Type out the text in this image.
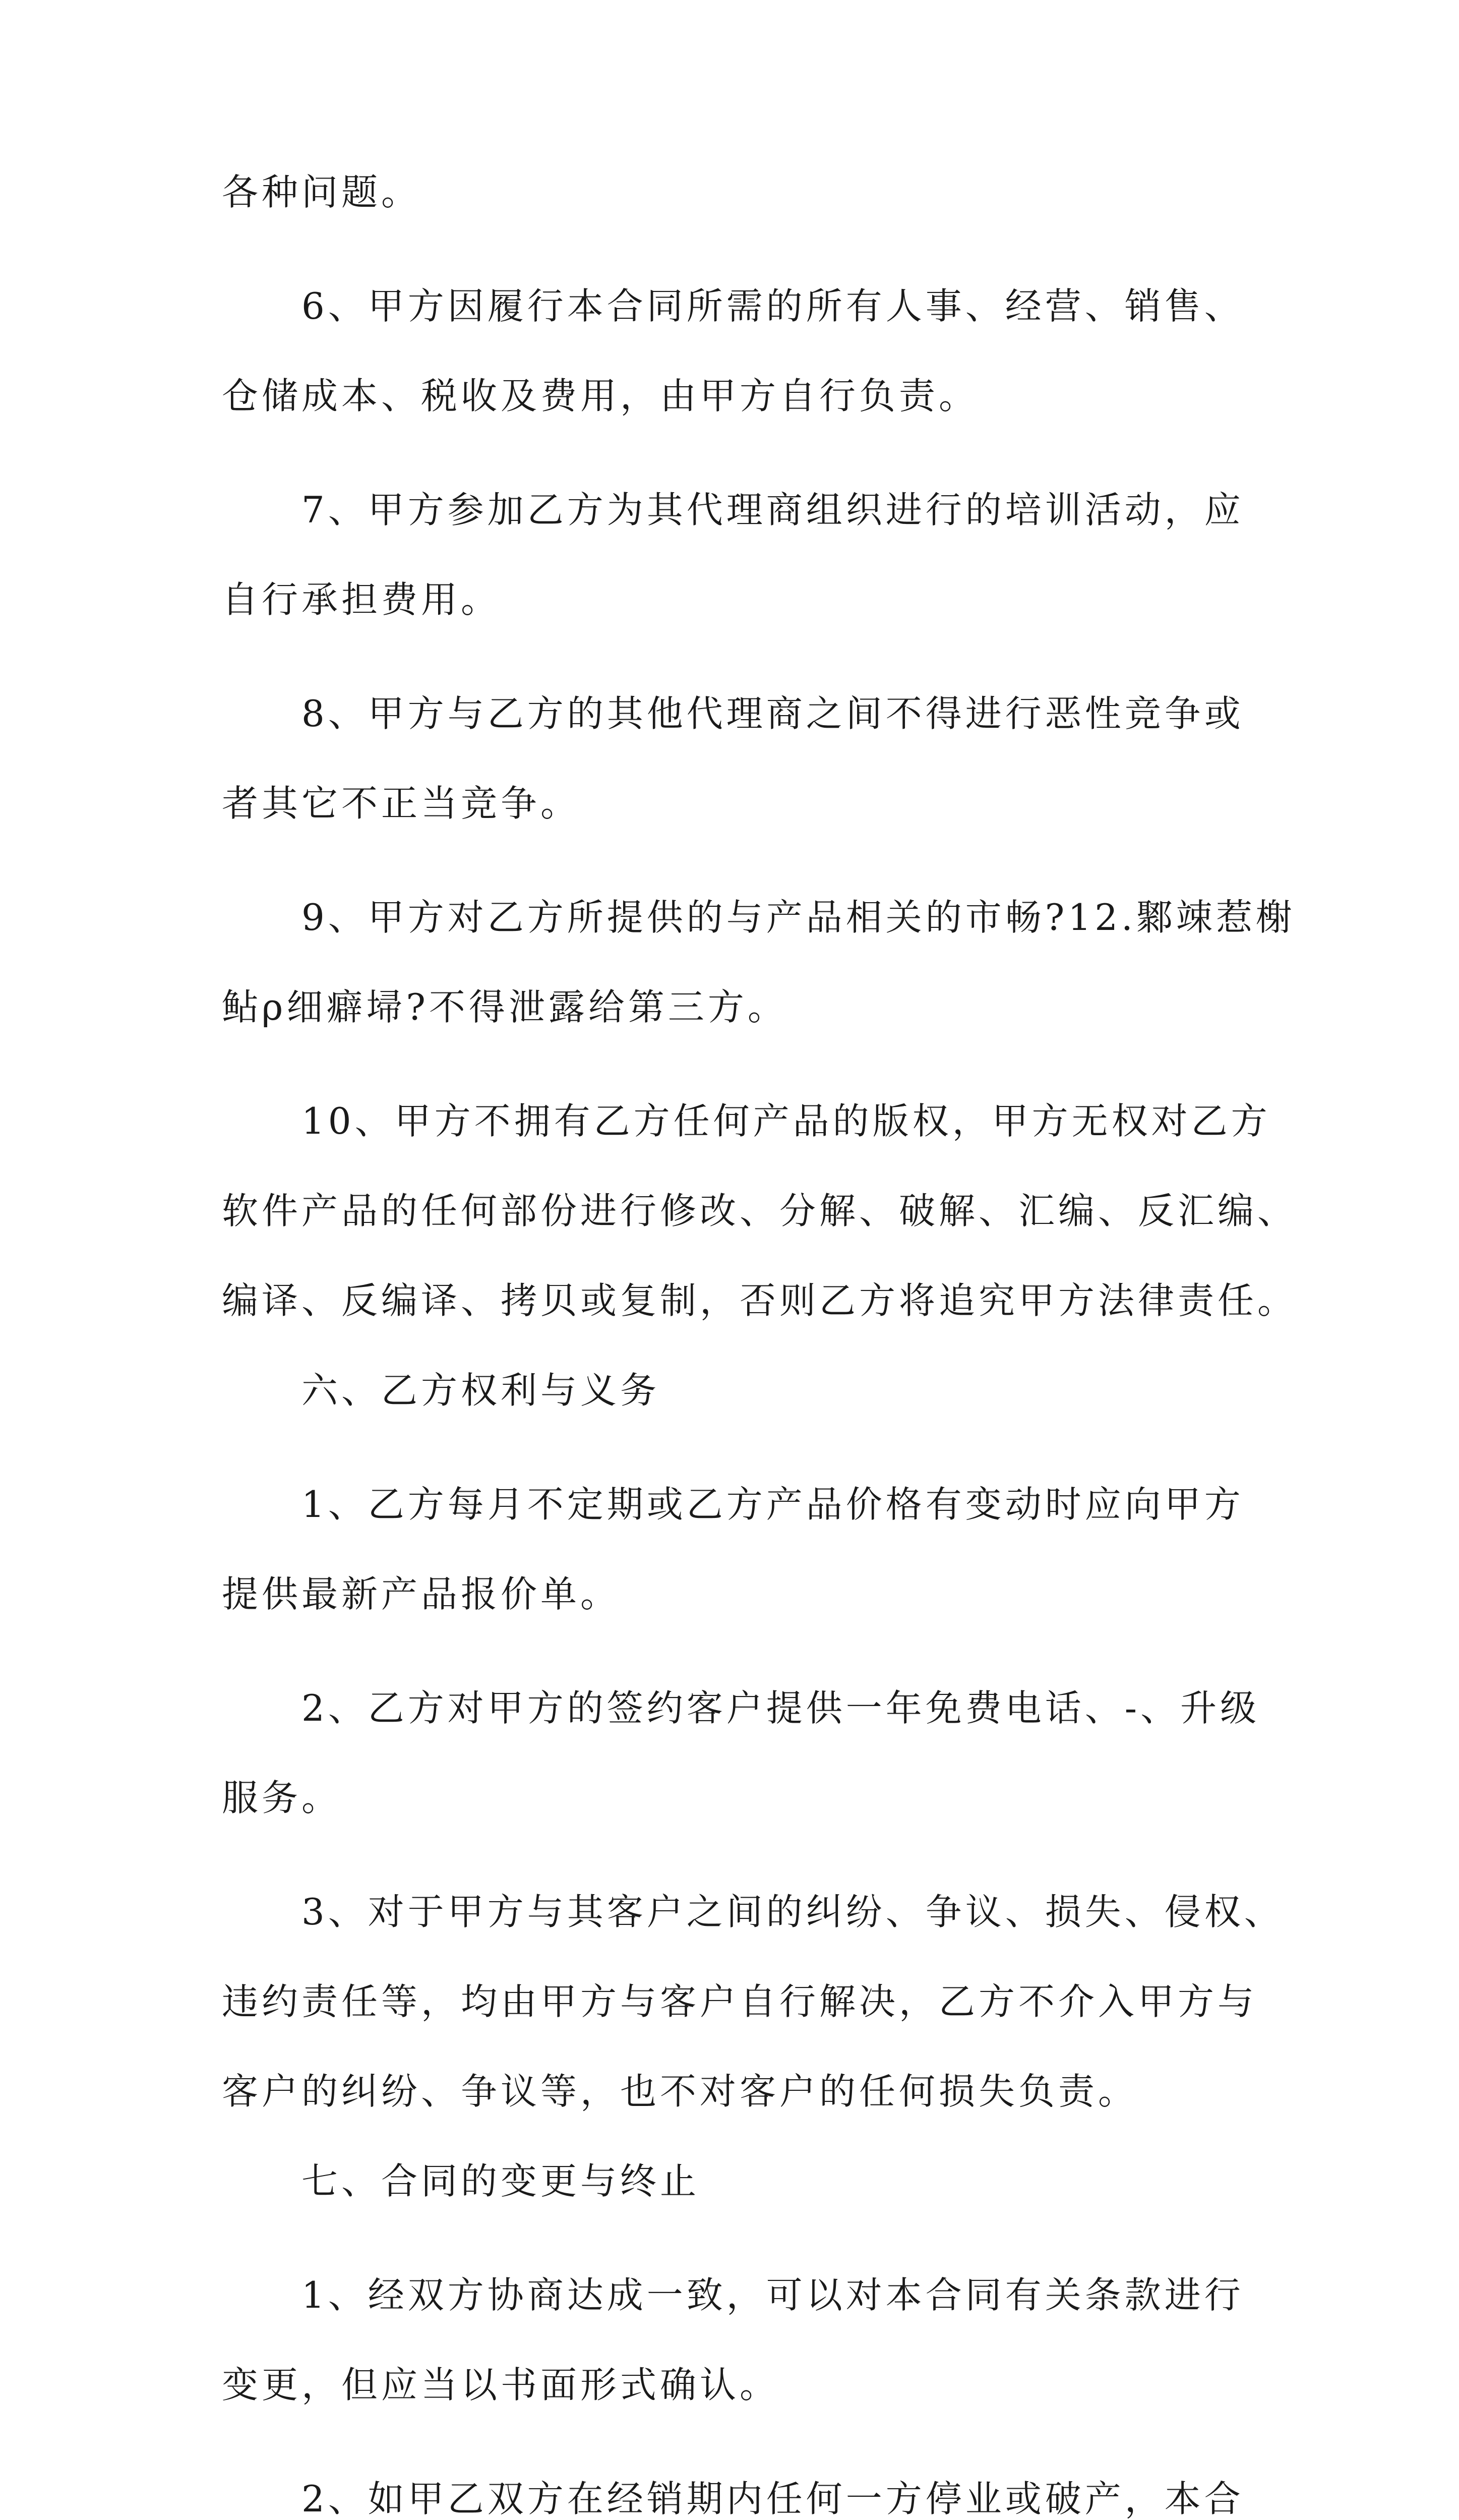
各种问题。
6、甲方因履行本合同所需的所有人事、经营、销售、
仓储成本、税收及费用，由甲方自行负责。
7、甲方参加乙方为其代理商组织进行的培训活动，应
自行承担费用。
8、甲方与乙方的其他代理商之间不得进行恶性竞争或
者其它不正当竞争。
9、甲方对乙方所提供的与产品相关的市畅?12.鄹竦惹榭
鲇ρ细癖埽?不得泄露给第三方。
10、甲方不拥有乙方任何产品的版权，甲方无权对乙方
软件产品的任何部份进行修改、分解、破解、汇编、反汇编、
编译、反编译、拷贝或复制，否则乙方将追究甲方法律责任。
六、乙方权利与义务
1、乙方每月不定期或乙方产品价格有变动时应向甲方
提供最新产品报价单。
2、乙方对甲方的签约客户提供一年免费电话、-、升级
服务。
3、对于甲方与其客户之间的纠纷、争议、损失、侵权、
违约责任等，均由甲方与客户自行解决，乙方不介入甲方与
客户的纠纷、争议等，也不对客户的任何损失负责。
七、合同的变更与终止
1、经双方协商达成一致，可以对本合同有关条款进行
变更，但应当以书面形式确认。
2、如甲乙双方在经销期内任何一方停业或破产，本合
